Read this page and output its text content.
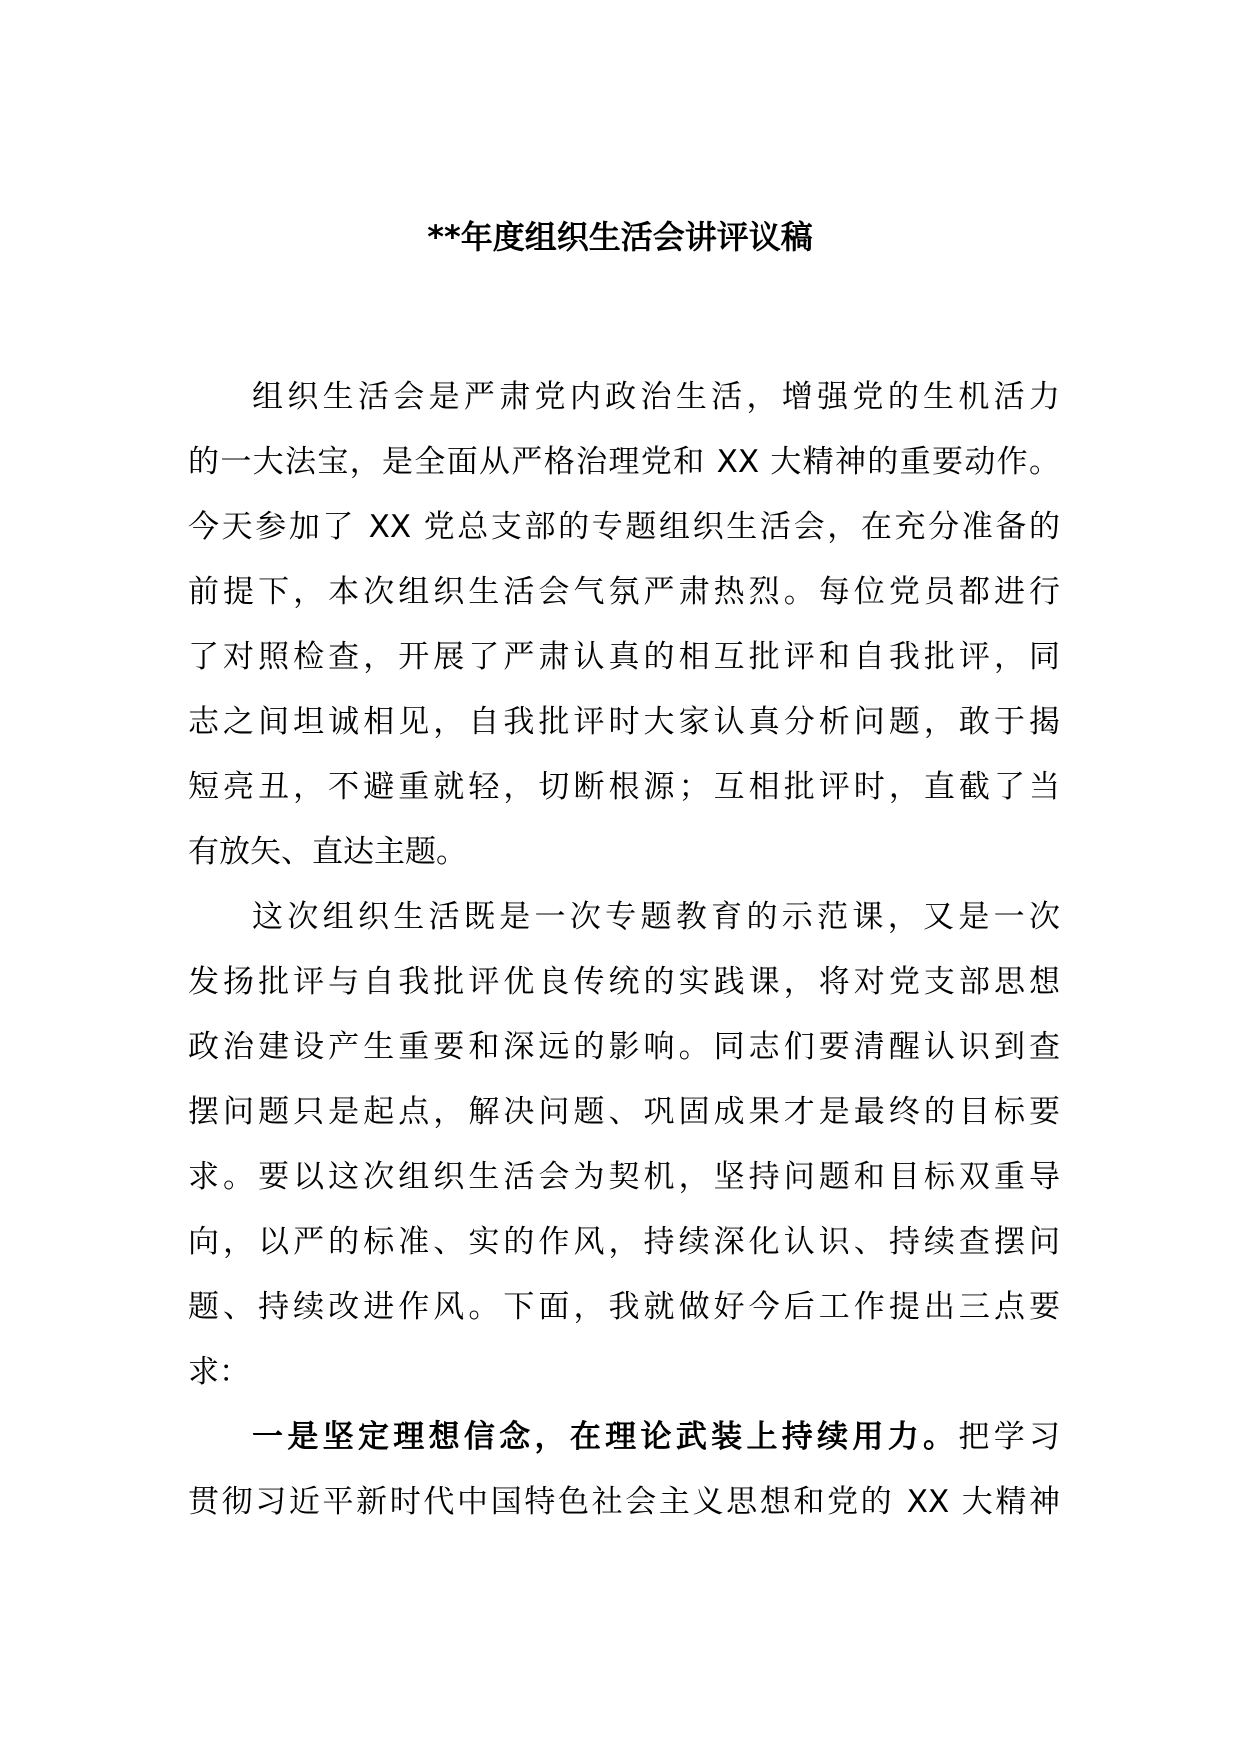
**年度组织生活会讲评议稿
组织生活会是严肃党内政治生活，增强党的生机活力
的一大法宝，是全面从严格治理党和 XX 大精神的重要动作。
今天参加了 XX 党总支部的专题组织生活会，在充分准备的
前提下，本次组织生活会气氛严肃热烈。每位党员都进行
了对照检查，开展了严肃认真的相互批评和自我批评，同
志之间坦诚相见，自我批评时大家认真分析问题，敢于揭
短亮丑，不避重就轻，切断根源；互相批评时，直截了当
有放矢、直达主题。
这次组织生活既是一次专题教育的示范课，又是一次
发扬批评与自我批评优良传统的实践课，将对党支部思想
政治建设产生重要和深远的影响。同志们要清醒认识到查
摆问题只是起点，解决问题、巩固成果才是最终的目标要
求。要以这次组织生活会为契机，坚持问题和目标双重导
向，以严的标准、实的作风，持续深化认识、持续查摆问
题、持续改进作风。下面，我就做好今后工作提出三点要
求：
一是坚定理想信念，在理论武装上持续用力。把学习
贯彻习近平新时代中国特色社会主义思想和党的 XX 大精神
